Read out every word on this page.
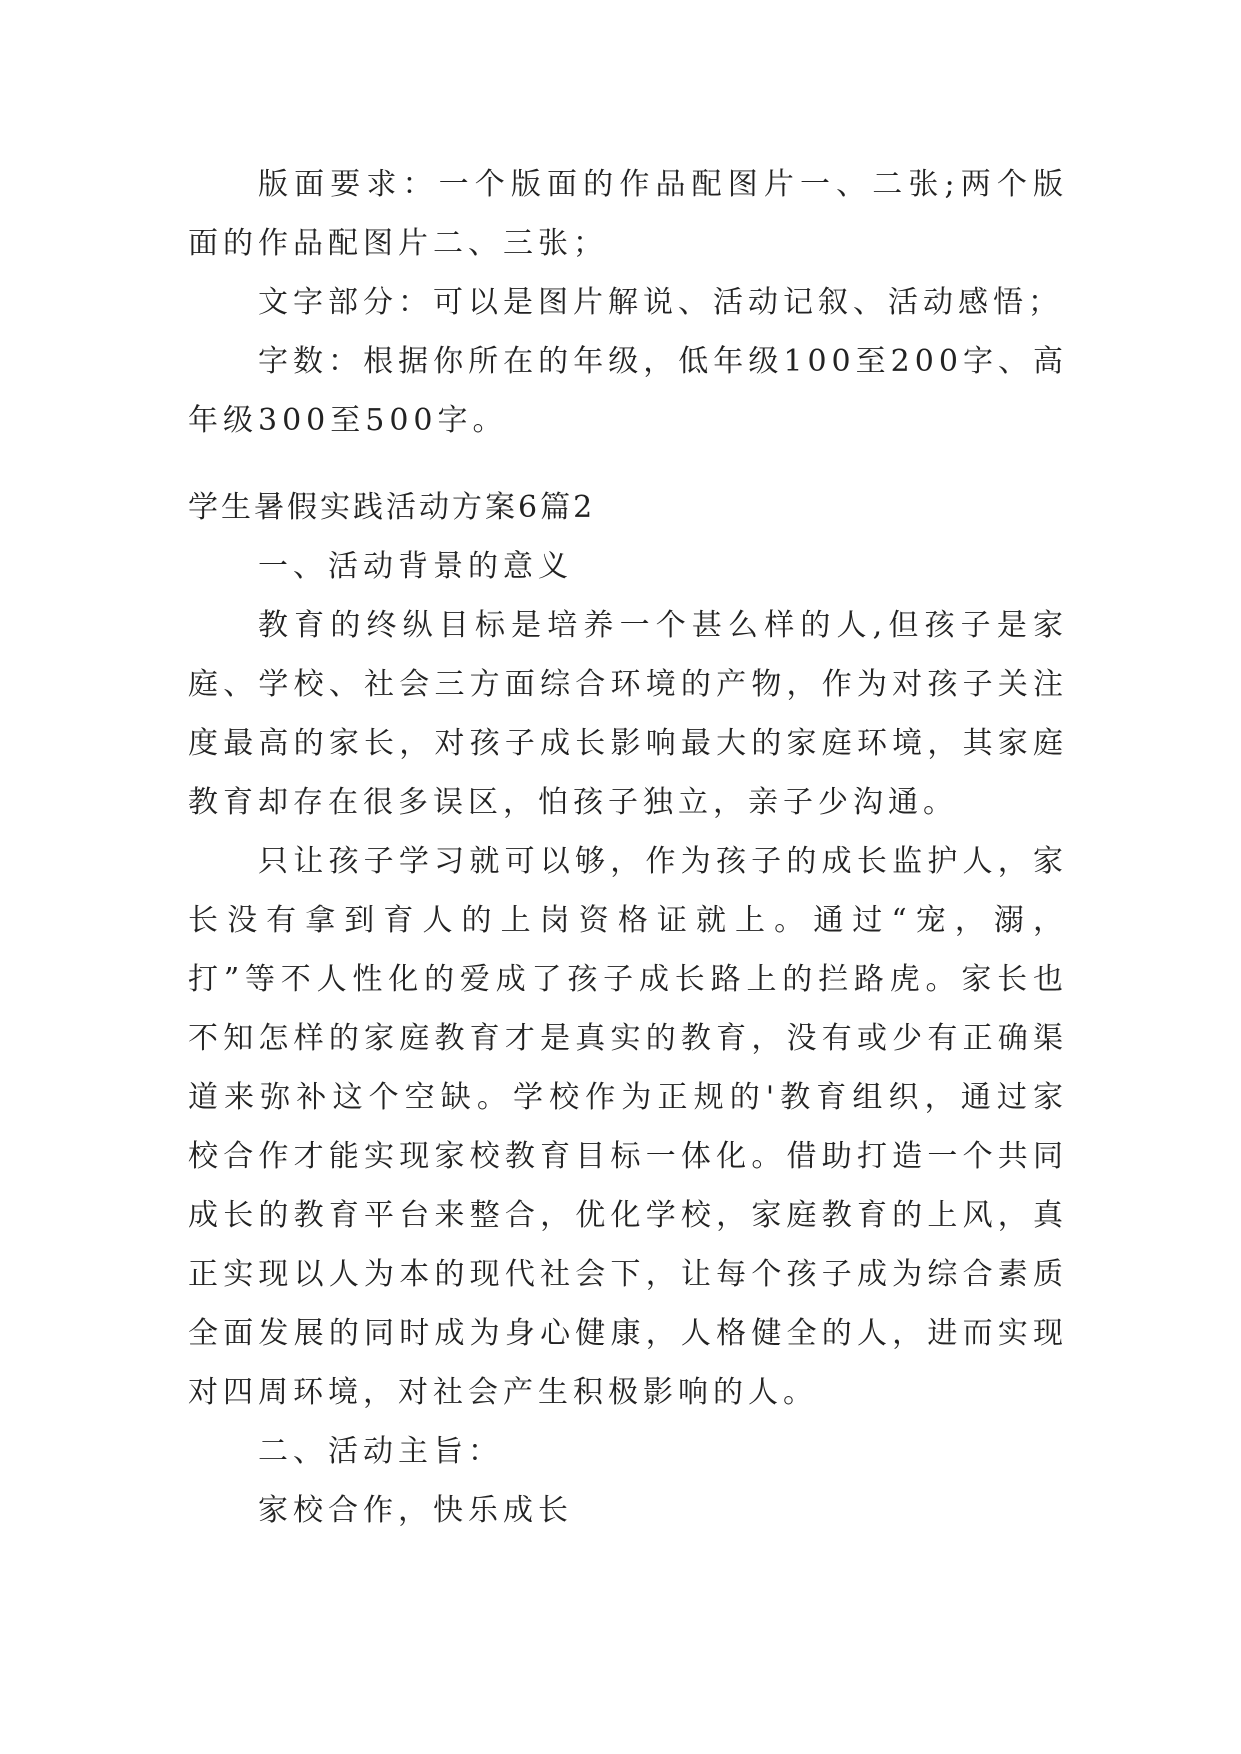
版面要求：一个版面的作品配图片一、二张;两个版面的作品配图片二、三张；

文字部分：可以是图片解说、活动记叙、活动感悟；

字数：根据你所在的年级，低年级100至200字、高年级300至500字。

学生暑假实践活动方案6篇2

一、活动背景的意义

教育的终纵目标是培养一个甚么样的人,但孩子是家庭、学校、社会三方面综合环境的产物，作为对孩子关注度最高的家长，对孩子成长影响最大的家庭环境，其家庭教育却存在很多误区，怕孩子独立，亲子少沟通。

只让孩子学习就可以够，作为孩子的成长监护人，家长没有拿到育人的上岗资格证就上。通过“宠，溺，打”等不人性化的爱成了孩子成长路上的拦路虎。家长也不知怎样的家庭教育才是真实的教育，没有或少有正确渠道来弥补这个空缺。学校作为正规的'教育组织，通过家校合作才能实现家校教育目标一体化。借助打造一个共同成长的教育平台来整合，优化学校，家庭教育的上风，真正实现以人为本的现代社会下，让每个孩子成为综合素质全面发展的同时成为身心健康，人格健全的人，进而实现对四周环境，对社会产生积极影响的人。

二、活动主旨：

家校合作，快乐成长
